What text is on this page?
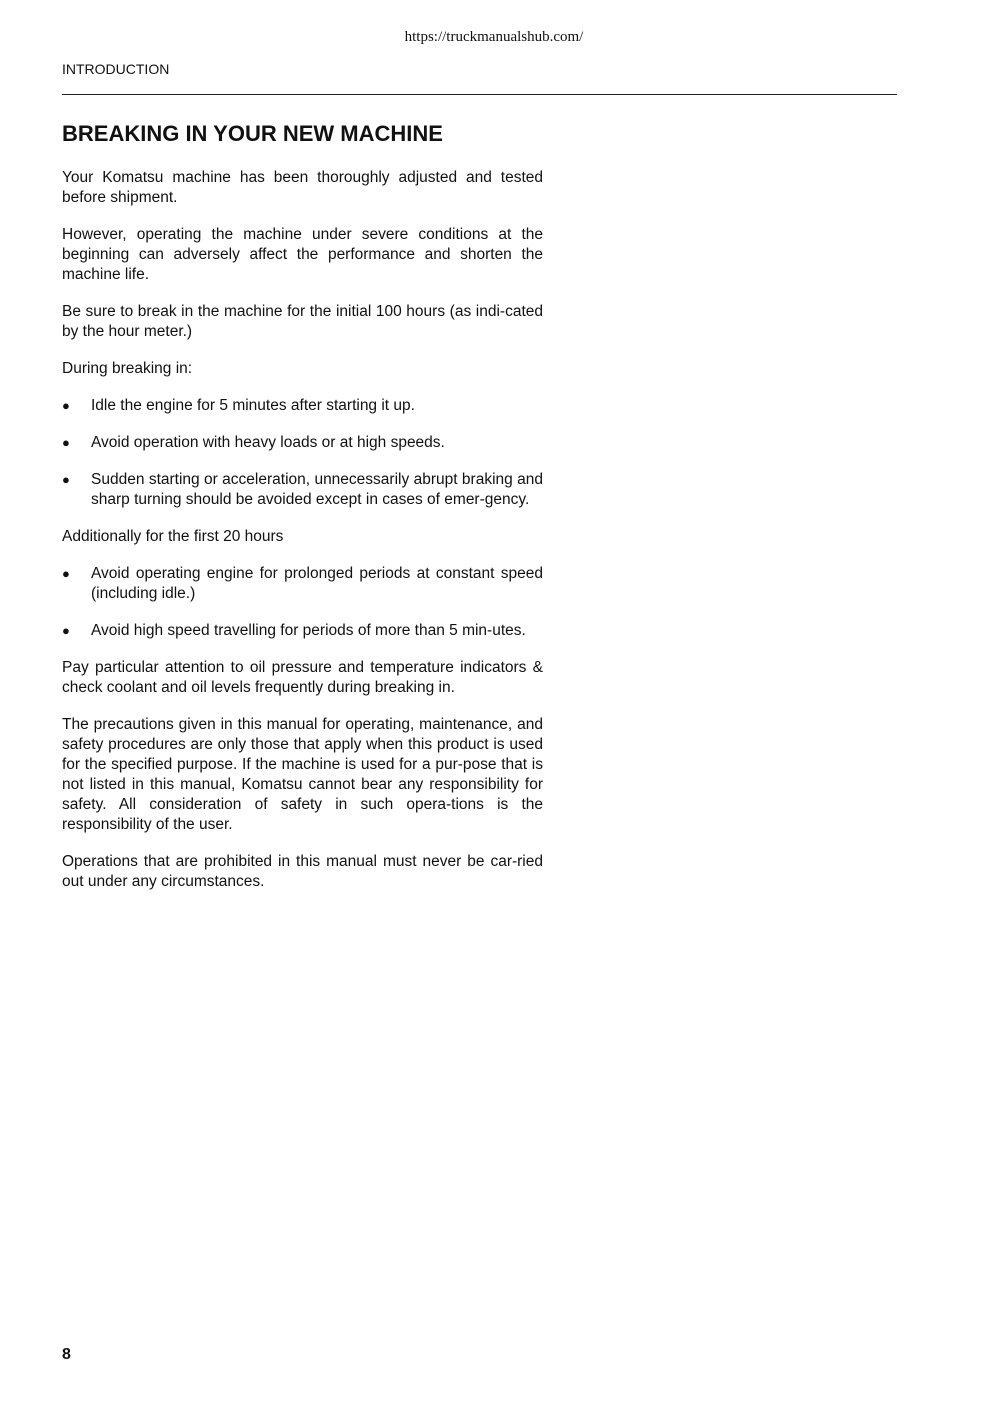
https://truckmanualshub.com/
INTRODUCTION
BREAKING IN YOUR NEW MACHINE

Your Komatsu machine has been thoroughly adjusted and tested before shipment.

However, operating the machine under severe conditions at the beginning can adversely affect the performance and shorten the machine life.

Be sure to break in the machine for the initial 100 hours (as indi-cated by the hour meter.)

During breaking in:

● Idle the engine for 5 minutes after starting it up.
● Avoid operation with heavy loads or at high speeds.
● Sudden starting or acceleration, unnecessarily abrupt braking and sharp turning should be avoided except in cases of emer-gency.

Additionally for the first 20 hours

● Avoid operating engine for prolonged periods at constant speed (including idle.)
● Avoid high speed travelling for periods of more than 5 min-utes.

Pay particular attention to oil pressure and temperature indicators & check coolant and oil levels frequently during breaking in.

The precautions given in this manual for operating, maintenance, and safety procedures are only those that apply when this product is used for the specified purpose. If the machine is used for a pur-pose that is not listed in this manual, Komatsu cannot bear any responsibility for safety. All consideration of safety in such opera-tions is the responsibility of the user.

Operations that are prohibited in this manual must never be car-ried out under any circumstances.

8
